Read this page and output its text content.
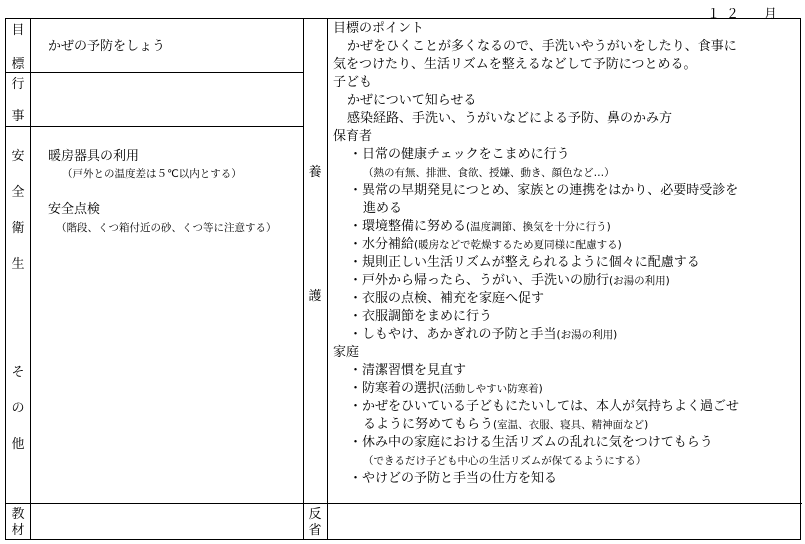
１２　月
目
標
行
事
安
全
衛
生
そ
の
他
教
材
養
護
反
省
かぜの予防をしょう
暖房器具の利用
（戸外との温度差は５℃以内とする）
安全点検
（階段、くつ箱付近の砂、くつ等に注意する）
目標のポイント
かぜをひくことが多くなるので、手洗いやうがいをしたり、食事に
気をつけたり、生活リズムを整えるなどして予防につとめる。
子ども
かぜについて知らせる
感染経路、手洗い、うがいなどによる予防、鼻のかみ方
保育者
・日常の健康チェックをこまめに行う
（熱の有無、排泄、食欲、授嫌、動き、顔色など…）
・異常の早期発見につとめ、家族との連携をはかり、必要時受診を
進める
・環境整備に努める(温度調節、換気を十分に行う)
・水分補給(暖房などで乾燥するため夏同様に配慮する)
・規則正しい生活リズムが整えられるように個々に配慮する
・戸外から帰ったら、うがい、手洗いの励行(お湯の利用)
・衣服の点検、補充を家庭へ促す
・衣服調節をまめに行う
・しもやけ、あかぎれの予防と手当(お湯の利用)
家庭
・清潔習慣を見直す
・防寒着の選択(活動しやすい防寒着)
・かぜをひいている子どもにたいしては、本人が気持ちよく過ごせ
るように努めてもらう(室温、衣服、寝具、精神面など)
・休み中の家庭における生活リズムの乱れに気をつけてもらう
（できるだけ子ども中心の生活リズムが保てるようにする）
・やけどの予防と手当の仕方を知る
